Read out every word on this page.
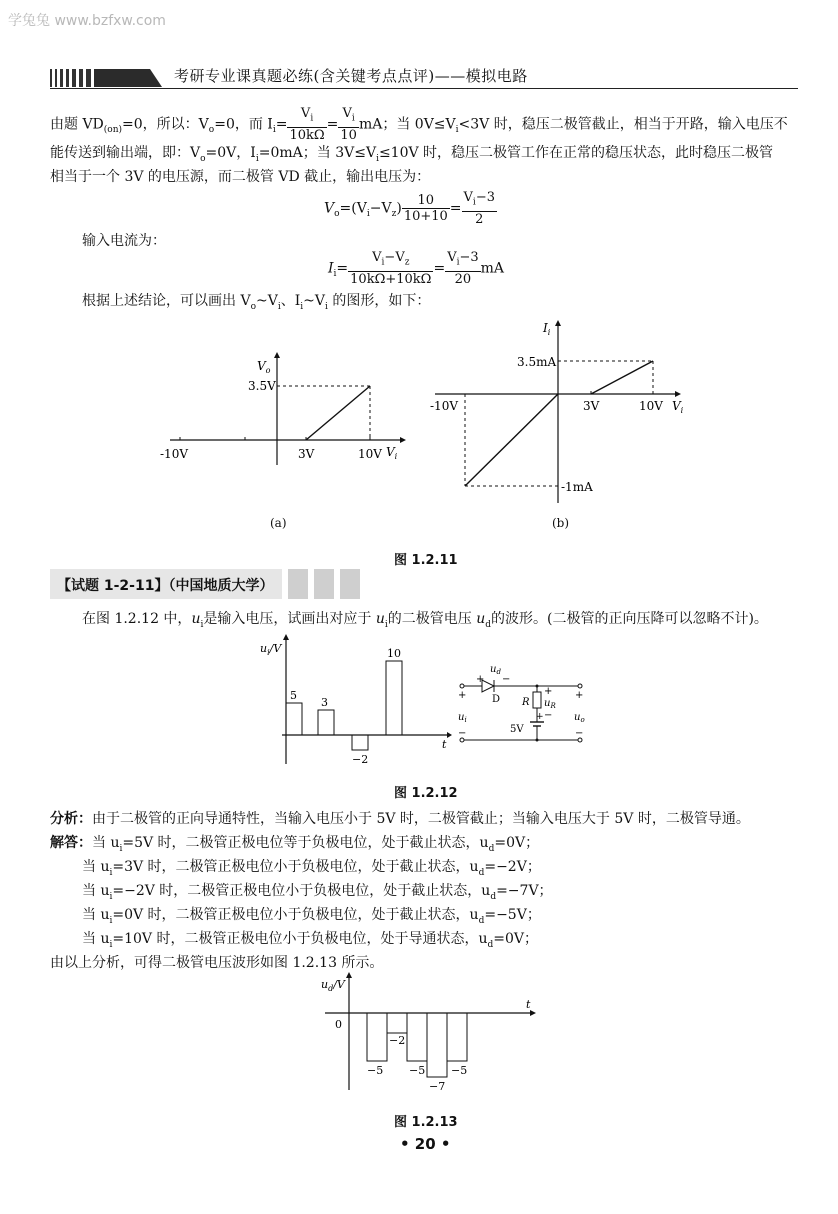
学兔兔 www.bzfxw.com
考研专业课真题必练(含关键考点点评)——模拟电路
由题 $VD_{(on)}=0$，所以：$V_o=0$，而 $I_i= \frac{V_i}{10k\Omega} = \frac{V_i}{10}$ mA；当 $0V\le V_i<3V$ 时，稳压二极管截止，相当于开路，输入电压不
能传送到输出端，即：$V_o=0V$，$I_i=0mA$；当 $3V\le V_i\le 10V$ 时，稳压二极管工作在正常的稳压状态，此时稳压二极管
相当于一个 3V 的电压源，而二极管 VD 截止，输出电压为：
$V_o=(V_i-V_z) \frac{10}{10+10} = \frac{V_i-3}{2}$
输入电流为：
$I_i= \frac{V_i-V_z}{10k\Omega+10k\Omega} = \frac{V_i-3}{20}$ mA
根据上述结论，可以画出 $V_o\sim V_i$、$I_i\sim V_i$ 的图形，如下：
-10V	3V	10V $V_i$
$V_o$
3.5V
(a)
-10V	3V	10V $V_i$
$I_i$
3.5mA
-1mA
(b)
图 1.2.11
【试题 1-2-11】（中国地质大学）
在图 1.2.12 中，$u_i$是输入电压，试画出对应于 $u_i$的二极管电压 $u_d$的波形。(二极管的正向压降可以忽略不计)。
$u_i/V$
5
3
−2
10
t
$u_d$
+ −
D R
+
$u_R$
−
+
5V
+
$u_i$
−
+
$u_o$
−
图 1.2.12
分析：由于二极管的正向导通特性，当输入电压小于 5V 时，二极管截止；当输入电压大于 5V 时，二极管导通。
解答：当 $u_i=5V$ 时，二极管正极电位等于负极电位，处于截止状态，$u_d=0V$；
当 $u_i=3V$ 时，二极管正极电位小于负极电位，处于截止状态，$u_d=-2V$；
当 $u_i=-2V$ 时，二极管正极电位小于负极电位，处于截止状态，$u_d=-7V$；
当 $u_i=0V$ 时，二极管正极电位小于负极电位，处于截止状态，$u_d=-5V$；
当 $u_i=10V$ 时，二极管正极电位小于负极电位，处于导通状态，$u_d=0V$；
由以上分析，可得二极管电压波形如图 1.2.13 所示。
$u_d/V$
0
−5
−2
−5
−7
−5
t
图 1.2.13
• 20 •
